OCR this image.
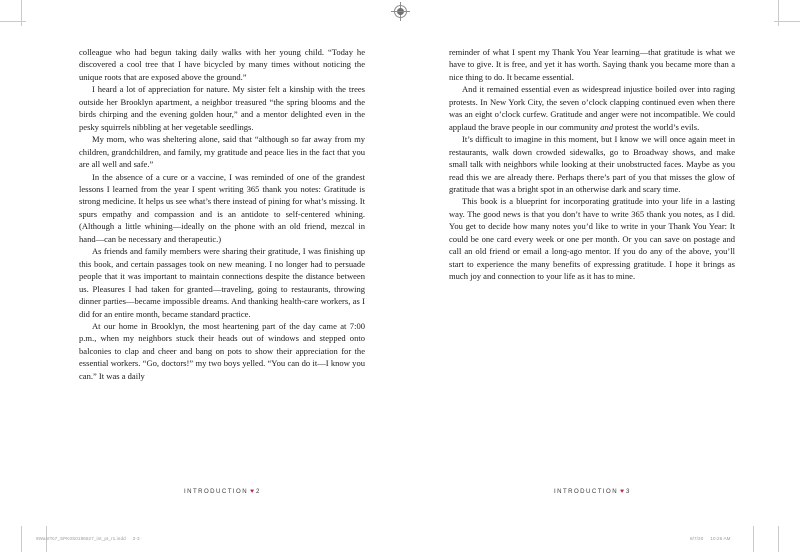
colleague who had begun taking daily walks with her young child. “Today he discovered a cool tree that I have bicycled by many times without noticing the unique roots that are exposed above the ground.”

I heard a lot of appreciation for nature. My sister felt a kinship with the trees outside her Brooklyn apartment, a neighbor treasured “the spring blooms and the birds chirping and the evening golden hour,” and a mentor delighted even in the pesky squirrels nibbling at her vegetable seedlings.

My mom, who was sheltering alone, said that “although so far away from my children, grandchildren, and family, my gratitude and peace lies in the fact that you are all well and safe.”

In the absence of a cure or a vaccine, I was reminded of one of the grandest lessons I learned from the year I spent writing 365 thank you notes: Gratitude is strong medicine. It helps us see what’s there instead of pining for what’s missing. It spurs empathy and compassion and is an antidote to self-centered whining. (Although a little whining—ideally on the phone with an old friend, mezcal in hand—can be necessary and therapeutic.)

As friends and family members were sharing their gratitude, I was finishing up this book, and certain passages took on new meaning. I no longer had to persuade people that it was important to maintain connections despite the distance between us. Pleasures I had taken for granted—traveling, going to restaurants, throwing dinner parties—became impossible dreams. And thanking health-care workers, as I did for an entire month, became standard practice.

At our home in Brooklyn, the most heartening part of the day came at 7:00 p.m., when my neighbors stuck their heads out of windows and stepped onto balconies to clap and cheer and bang on pots to show their appreciation for the essential workers. “Go, doctors!” my two boys yelled. “You can do it—I know you can.” It was a daily

INTRODUCTION ♥ 2

reminder of what I spent my Thank You Year learning—that gratitude is what we have to give. It is free, and yet it has worth. Saying thank you became more than a nice thing to do. It became essential.

And it remained essential even as widespread injustice boiled over into raging protests. In New York City, the seven o’clock clapping continued even when there was an eight o’clock curfew. Gratitude and anger were not incompatible. We could applaud the brave people in our community and protest the world’s evils.

It’s difficult to imagine in this moment, but I know we will once again meet in restaurants, walk down crowded sidewalks, go to Broadway shows, and make small talk with neighbors while looking at their unobstructed faces. Maybe as you read this we are already there. Perhaps there’s part of you that misses the glow of gratitude that was a bright spot in an otherwise dark and scary time.

This book is a blueprint for incorporating gratitude into your life in a lasting way. The good news is that you don’t have to write 365 thank you notes, as I did. You get to decide how many notes you’d like to write in your Thank You Year: It could be one card every week or one per month. Or you can save on postage and call an old friend or email a long-ago mentor. If you do any of the above, you’ll start to experience the many benefits of expressing gratitude. I hope it brings as much joy and connection to your life as it has to mine.

INTRODUCTION ♥ 3
9WantTo7_SPK0S0186527_int_pt_r1.indd 2-3	8/7/20 10:26 AM
